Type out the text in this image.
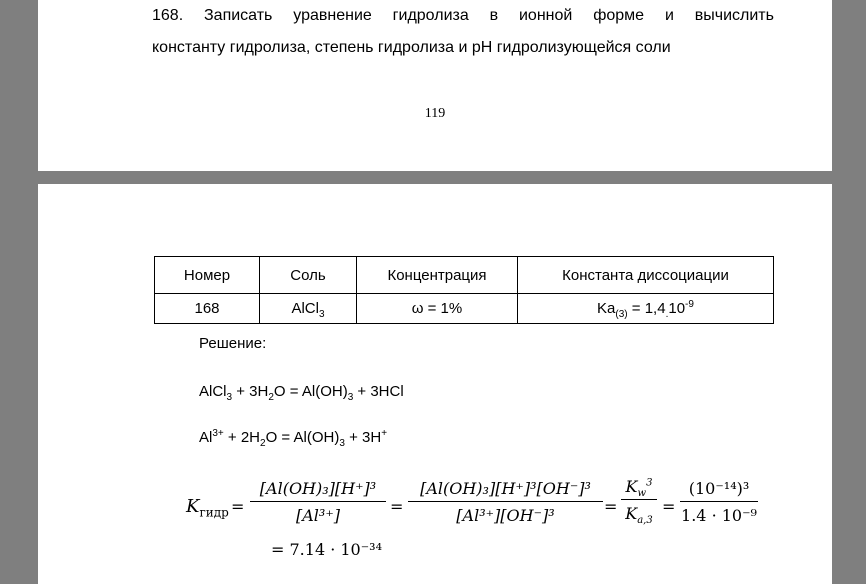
168. Записать уравнение гидролиза в ионной форме и вычислить
константу гидролиза, степень гидролиза и pH гидролизующейся соли
119
Номер	Соль	Концентрация	Константа диссоциации
168	AlCl$_3$	ω = 1%	$Ka_{(3)} = 1,4_.10^{-9}$
Решение:
AlCl$_3$ + $3H_2O = Al(OH)_3 + 3HCl$
$Al^{3+} + 2H_2O = Al(OH)_3 + 3H^+$
$K_{гидр}$ =
[Al(OH)₃][H⁺]³
[Al³⁺]	=
[Al(OH)₃][H⁺]³[OH⁻]³
[Al³⁺][OH⁻]³	=
$K_w^3$
$K_{a,3}$
=
(10⁻¹⁴)³
1.4 · 10⁻⁹
= 7.14 · 10⁻³⁴
